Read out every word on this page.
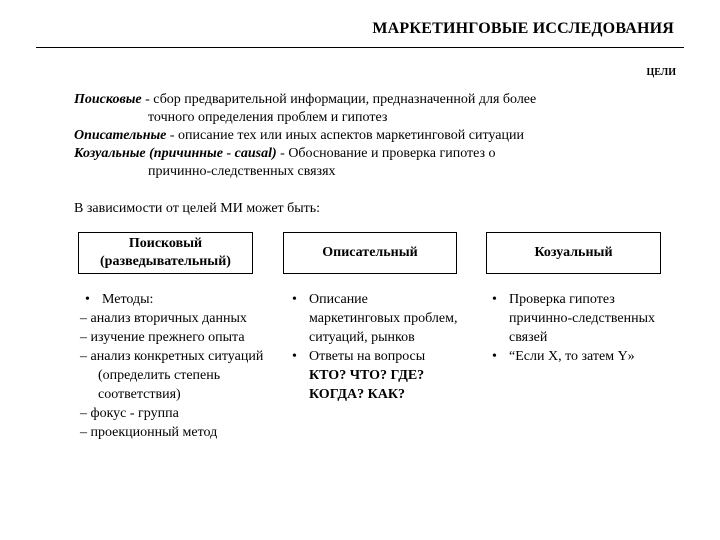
МАРКЕТИНГОВЫЕ ИССЛЕДОВАНИЯ
ЦЕЛИ
Поисковые - сбор предварительной информации, предназначенной для более
точного определения проблем и гипотез
Описательные - описание тех или иных аспектов маркетинговой ситуации
Козуальные (причинные - causal) - Обоснование и проверка гипотез о
причинно-следственных связях
В зависимости от целей МИ может быть:
Поисковый
(разведывательный)
Описательный	Козуальный
• Методы:
– анализ вторичных данных
– изучение прежнего опыта
– анализ конкретных ситуаций (определить степень соответствия)
– фокус - группа
– проекционный метод
• Описание маркетинговых проблем, ситуаций, рынков
• Ответы на вопросы КТО? ЧТО? ГДЕ? КОГДА? КАК?
• Проверка гипотез причинно-следственных связей
• “Если X, то затем Y»
